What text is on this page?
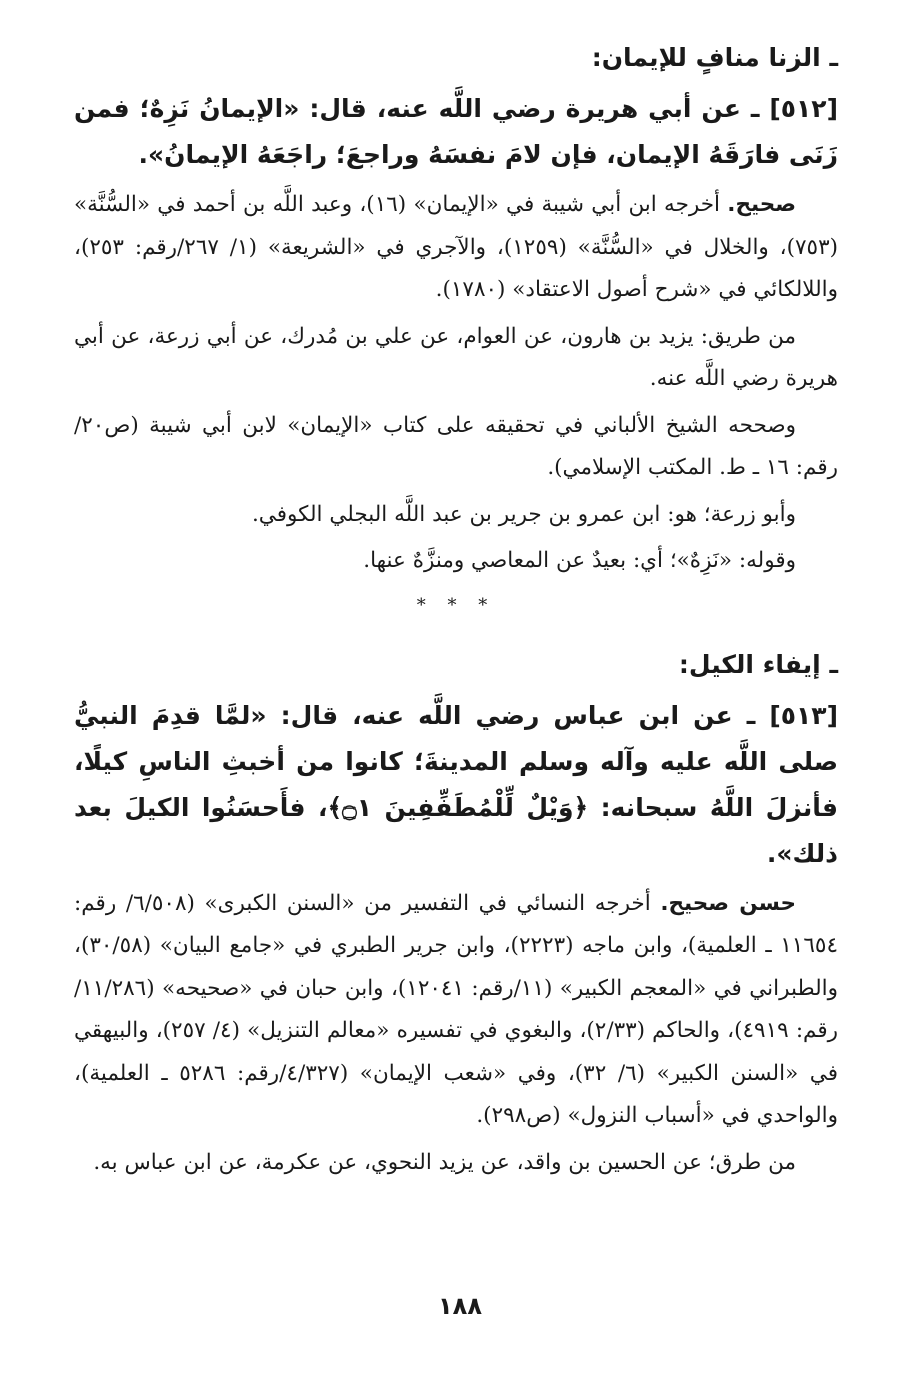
ـ الزنا منافٍ للإيمان:

[٥١٢] ـ عن أبي هريرة رضي اللَّه عنه، قال: «الإيمانُ نَزِهٌ؛ فمن زَنَى فارَقَهُ الإيمان، فإن لامَ نفسَهُ وراجعَ؛ راجَعَهُ الإيمانُ».

صحيح. أخرجه ابن أبي شيبة في «الإيمان» (١٦)، وعبد اللَّه بن أحمد في «السُّنَّة» (٧٥٣)، والخلال في «السُّنَّة» (١٢٥٩)، والآجري في «الشريعة» (١/ ٢٦٧/رقم: ٢٥٣)، واللالكائي في «شرح أصول الاعتقاد» (١٧٨٠).

من طريق: يزيد بن هارون، عن العوام، عن علي بن مُدرك، عن أبي زرعة، عن أبي هريرة رضي اللَّه عنه.

وصححه الشيخ الألباني في تحقيقه على كتاب «الإيمان» لابن أبي شيبة (ص٢٠/رقم: ١٦ ـ ط. المكتب الإسلامي).

وأبو زرعة؛ هو: ابن عمرو بن جرير بن عبد اللَّه البجلي الكوفي.

وقوله: «نَزِهٌ»؛ أي: بعيدٌ عن المعاصي ومنزَّهٌ عنها.

* * *
ـ إيفاء الكيل:

[٥١٣] ـ عن ابن عباس رضي اللَّه عنه، قال: «لمَّا قدِمَ النبيُّ صلى اللَّه عليه وآله وسلم المدينةَ؛ كانوا من أخبثِ الناسِ كيلًا، فأنزلَ اللَّهُ سبحانه: ﴿وَيْلٌ لِّلْمُطَفِّفِينَ ۝١﴾، فأَحسَنُوا الكيلَ بعد ذلك».

حسن صحيح. أخرجه النسائي في التفسير من «السنن الكبرى» (٦/٥٠٨/ رقم: ١١٦٥٤ ـ العلمية)، وابن ماجه (٢٢٢٣)، وابن جرير الطبري في «جامع البيان» (٣٠/٥٨)، والطبراني في «المعجم الكبير» (١١/رقم: ١٢٠٤١)، وابن حبان في «صحيحه» (١١/٢٨٦/رقم: ٤٩١٩)، والحاكم (٢/٣٣)، والبغوي في تفسيره «معالم التنزيل» (٤/ ٢٥٧)، والبيهقي في «السنن الكبير» (٦/ ٣٢)، وفي «شعب الإيمان» (٤/٣٢٧/رقم: ٥٢٨٦ ـ العلمية)، والواحدي في «أسباب النزول» (ص٢٩٨).

من طرق؛ عن الحسين بن واقد، عن يزيد النحوي، عن عكرمة، عن ابن عباس به.

١٨٨
